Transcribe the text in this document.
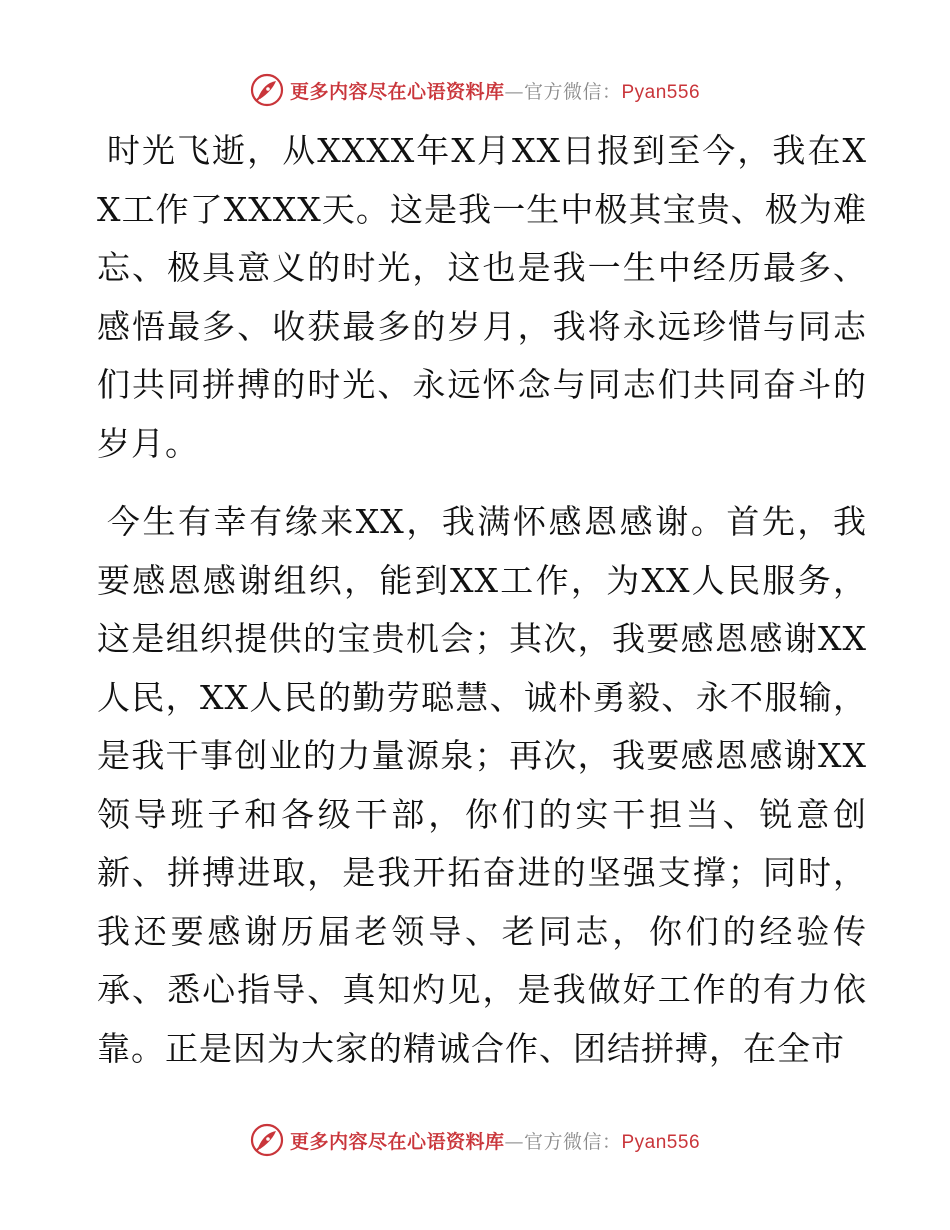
更多内容尽在心语资料库—官方微信：Pyan556

时光飞逝，从XXXX年X月XX日报到至今，我在XX工作了XXXX天。这是我一生中极其宝贵、极为难忘、极具意义的时光，这也是我一生中经历最多、感悟最多、收获最多的岁月，我将永远珍惜与同志们共同拼搏的时光、永远怀念与同志们共同奋斗的岁月。

今生有幸有缘来XX，我满怀感恩感谢。首先，我要感恩感谢组织，能到XX工作，为XX人民服务，这是组织提供的宝贵机会；其次，我要感恩感谢XX人民，XX人民的勤劳聪慧、诚朴勇毅、永不服输，是我干事创业的力量源泉；再次，我要感恩感谢XX领导班子和各级干部，你们的实干担当、锐意创新、拼搏进取，是我开拓奋进的坚强支撑；同时，我还要感谢历届老领导、老同志，你们的经验传承、悉心指导、真知灼见，是我做好工作的有力依靠。正是因为大家的精诚合作、团结拼搏，在全市

更多内容尽在心语资料库—官方微信：Pyan556
